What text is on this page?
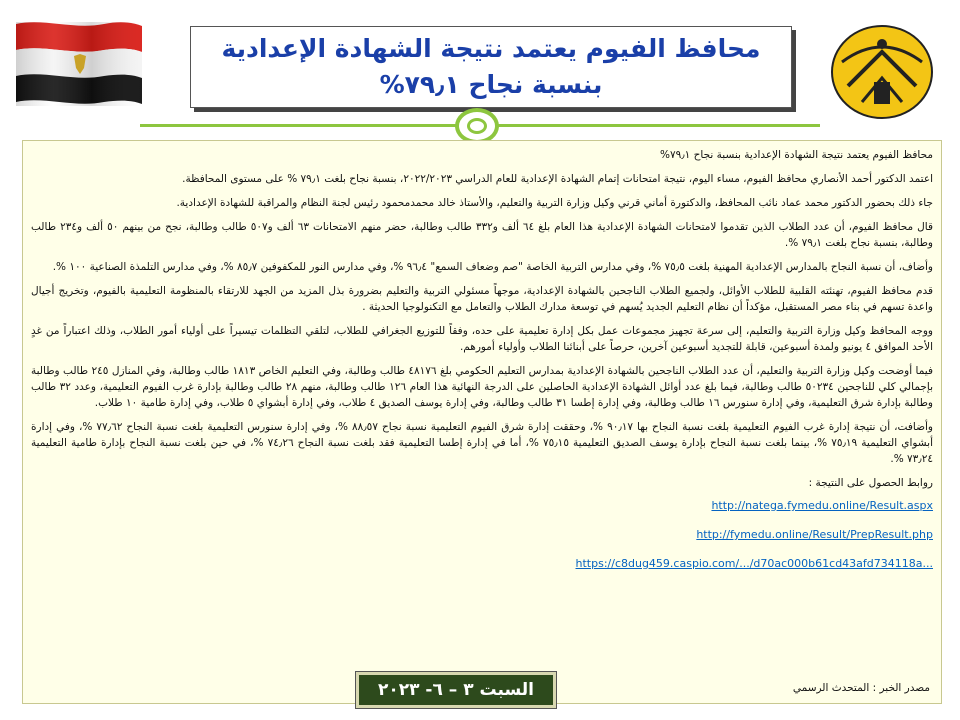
محافظ الفيوم يعتمد نتيجة الشهادة الإعدادية بنسبة نجاح ٧٩٫١%

محافظ الفيوم يعتمد نتيجة الشهادة الإعدادية بنسبة نجاح ٧٩٫١%

اعتمد الدكتور أحمد الأنصاري محافظ الفيوم، مساء اليوم، نتيجة امتحانات إتمام الشهادة الإعدادية للعام الدراسي ٢٠٢٢/٢٠٢٣، بنسبة نجاح بلغت ٧٩٫١ % على مستوى المحافظة.

جاء ذلك بحضور الدكتور محمد عماد نائب المحافظ، والدكتورة أماني قرني وكيل وزارة التربية والتعليم، والأستاذ خالد محمدمحمود رئيس لجنة النظام والمراقبة للشهادة الإعدادية.

قال محافظ الفيوم، أن عدد الطلاب الذين تقدموا لامتحانات الشهادة الإعدادية هذا العام بلغ ٦٤ ألف و٣٣٢ طالب وطالبة، حضر منهم الامتحانات ٦٣ ألف و٥٠٧ طالب وطالبة، نجح من بينهم ٥٠ ألف و٢٣٤ طالب وطالبة، بنسبة نجاح بلغت ٧٩٫١ %.

وأضاف، أن نسبة النجاح بالمدارس الإعدادية المهنية بلغت ٧٥٫٥ %، وفي مدارس التربية الخاصة "صم وضعاف السمع" ٩٦٫٤ %، وفي مدارس النور للمكفوفين ٨٥٫٧ %، وفي مدارس التلمذة الصناعية ١٠٠ %.

قدم محافظ الفيوم، تهنئته القلبية للطلاب الأوائل، ولجميع الطلاب الناجحين بالشهادة الإعدادية، موجهاً مسئولي التربية والتعليم بضرورة بذل المزيد من الجهد للارتقاء بالمنظومة التعليمية بالفيوم، وتخريج أجيال واعدة تسهم في بناء مصر المستقبل، مؤكداً أن نظام التعليم الجديد يُسهم في توسعة مدارك الطلاب والتعامل مع التكنولوجيا الحديثة .

ووجه المحافظ وكيل وزارة التربية والتعليم، إلى سرعة تجهيز مجموعات عمل بكل إدارة تعليمية على حده، وفقاً للتوزيع الجغرافي للطلاب، لتلقي التظلمات تيسيراً على أولياء أمور الطلاب، وذلك اعتباراً من غدٍ الأحد الموافق ٤ يونيو ولمدة أسبوعين، قابلة للتجديد أسبوعين آخرين، حرصاً على أبنائنا الطلاب وأولياء أمورهم.

فيما أوضحت وكيل وزارة التربية والتعليم، أن عدد الطلاب الناجحين بالشهادة الإعدادية بمدارس التعليم الحكومي بلغ ٤٨١٧٦ طالب وطالبة، وفي التعليم الخاص ١٨١٣ طالب وطالبة، وفي المنازل ٢٤٥ طالب وطالبة بإجمالي كلي للناجحين ٥٠٢٣٤ طالب وطالبة، فيما بلغ عدد أوائل الشهادة الإعدادية الحاصلين على الدرجة النهائية هذا العام ١٢٦ طالب وطالبة، منهم ٢٨ طالب وطالبة بإدارة غرب الفيوم التعليمية، وعدد ٣٢ طالب وطالبة بإدارة شرق التعليمية، وفي إدارة سنورس ١٦ طالب وطالبة، وفي إدارة إطسا ٣١ طالب وطالبة، وفي إدارة يوسف الصديق ٤ طلاب، وفي إدارة أبشواي ٥ طلاب، وفي إدارة طامية ١٠ طلاب.

وأضافت، أن نتيجة إدارة غرب الفيوم التعليمية بلغت نسبة النجاح بها ٩٠٫١٧ %، وحققت إدارة شرق الفيوم التعليمية نسبة نجاح ٨٨٫٥٧ %، وفي إدارة سنورس التعليمية بلغت نسبة النجاح ٧٧٫٦٢ %، وفي إدارة أبشواي التعليمية ٧٥٫١٩ %، بينما بلغت نسبة النجاح بإدارة يوسف الصديق التعليمية ٧٥٫١٥ %، أما في إدارة إطسا التعليمية فقد بلغت نسبة النجاح ٧٤٫٢٦ %، في حين بلغت نسبة النجاح بإدارة طامية التعليمية ٧٣٫٢٤ %.

روابط الحصول على النتيجة :

http://natega.fymedu.online/Result.aspx
http://fymedu.online/Result/PrepResult.php
https://c8dug459.caspio.com/.../d70ac000b61cd43afd734118a...
مصدر الخبر : المتحدث الرسمي
السبت ٣ – ٦- ٢٠٢٣
